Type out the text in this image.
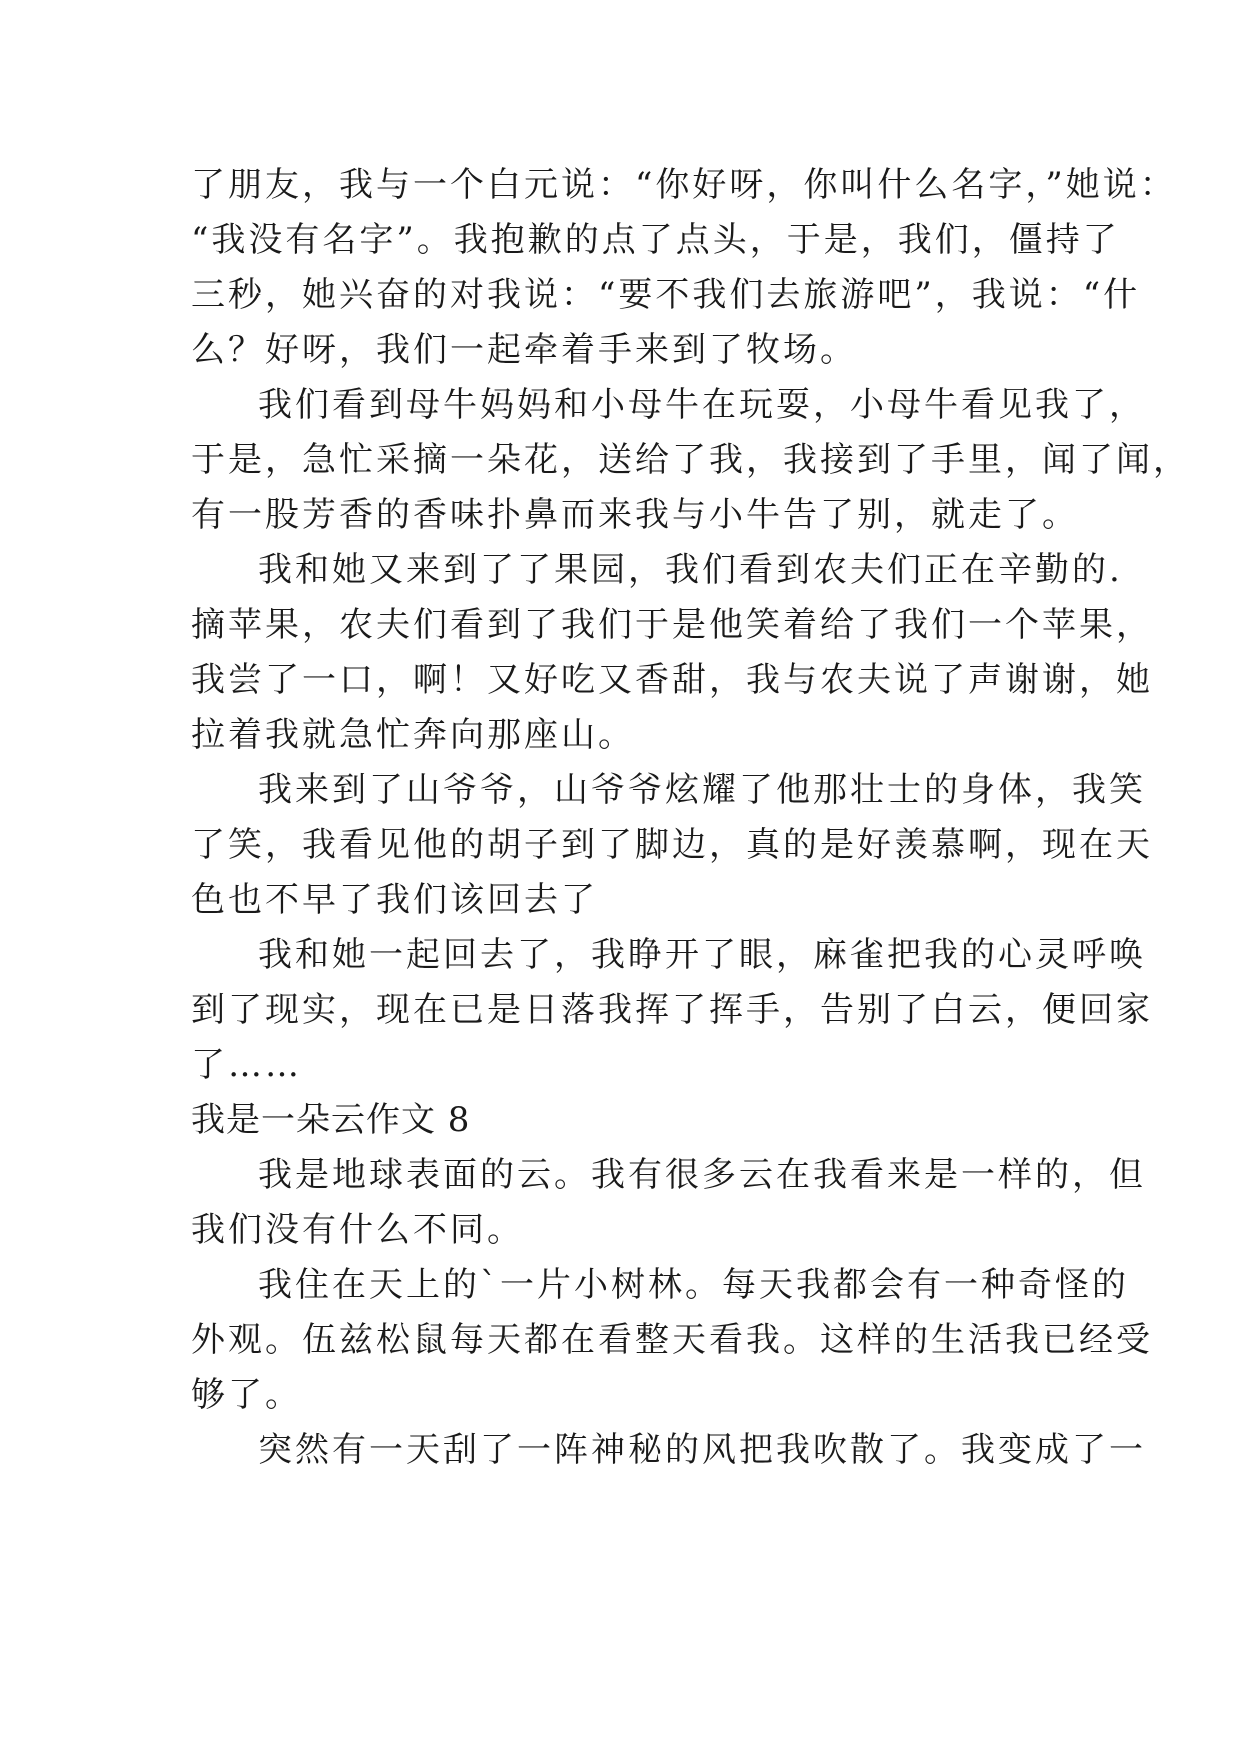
了朋友，我与一个白元说：“你好呀，你叫什么名字，”她说：
“我没有名字”。我抱歉的点了点头，于是，我们，僵持了
三秒，她兴奋的对我说：“要不我们去旅游吧”，我说：“什
么？好呀，我们一起牵着手来到了牧场。
我们看到母牛妈妈和小母牛在玩耍，小母牛看见我了，
于是，急忙采摘一朵花，送给了我，我接到了手里，闻了闻，
有一股芳香的香味扑鼻而来我与小牛告了别，就走了。
我和她又来到了了果园，我们看到农夫们正在辛勤的.
摘苹果，农夫们看到了我们于是他笑着给了我们一个苹果，
我尝了一口，啊！又好吃又香甜，我与农夫说了声谢谢，她
拉着我就急忙奔向那座山。
我来到了山爷爷，山爷爷炫耀了他那壮士的身体，我笑
了笑，我看见他的胡子到了脚边，真的是好羡慕啊，现在天
色也不早了我们该回去了
我和她一起回去了，我睁开了眼，麻雀把我的心灵呼唤
到了现实，现在已是日落我挥了挥手，告别了白云，便回家
了……
我是一朵云作文 8
我是地球表面的云。我有很多云在我看来是一样的，但
我们没有什么不同。
我住在天上的`一片小树林。每天我都会有一种奇怪的
外观。伍兹松鼠每天都在看整天看我。这样的生活我已经受
够了。
突然有一天刮了一阵神秘的风把我吹散了。我变成了一
